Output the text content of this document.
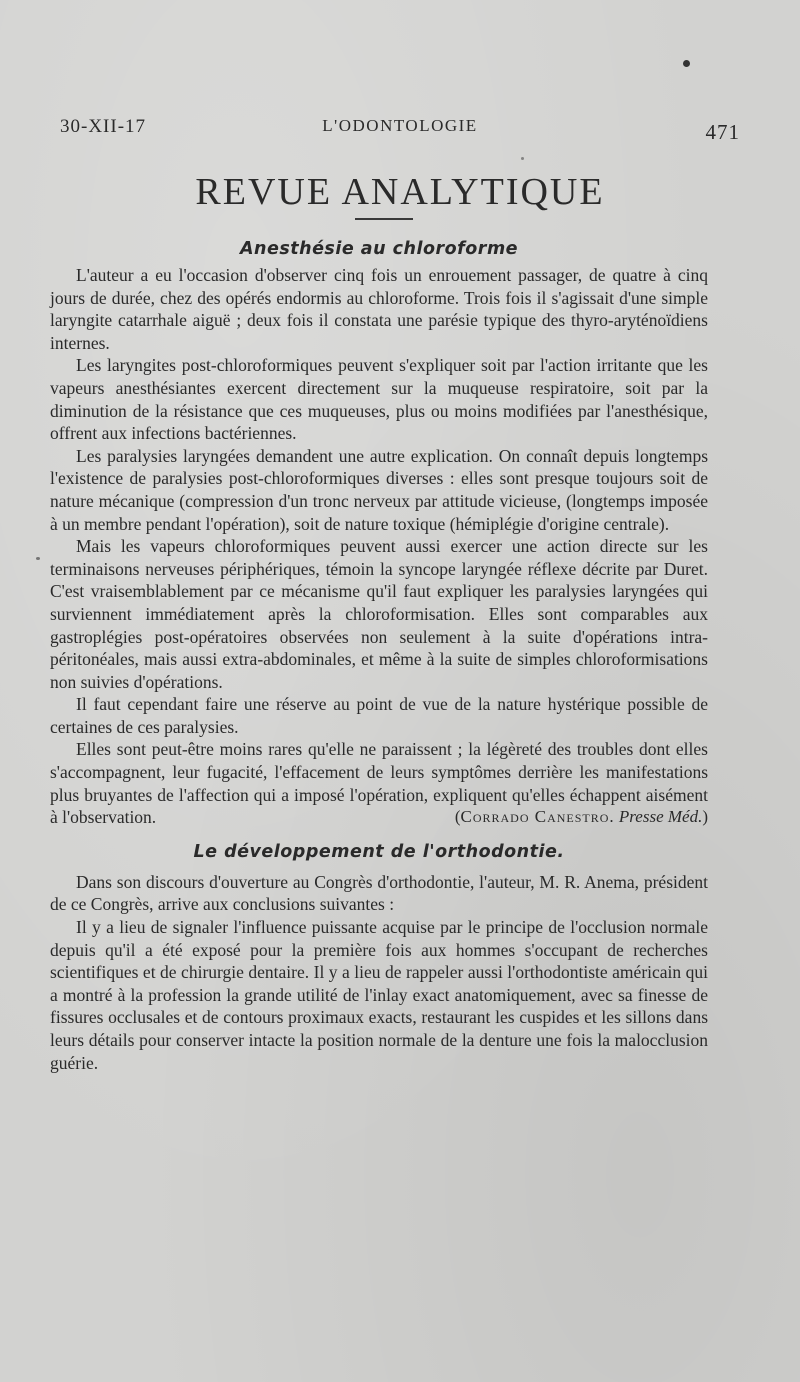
30-XII-17	L'ODONTOLOGIE	471
REVUE ANALYTIQUE
Anesthésie au chloroforme

L'auteur a eu l'occasion d'observer cinq fois un enrouement passager, de quatre à cinq jours de durée, chez des opérés endormis au chloroforme. Trois fois il s'agissait d'une simple laryngite catarrhale aiguë ; deux fois il constata une parésie typique des thyro-aryténoïdiens internes.

Les laryngites post-chloroformiques peuvent s'expliquer soit par l'action irritante que les vapeurs anesthésiantes exercent directement sur la muqueuse respiratoire, soit par la diminution de la résistance que ces muqueuses, plus ou moins modifiées par l'anesthésique, offrent aux infections bactériennes.

Les paralysies laryngées demandent une autre explication. On connaît depuis longtemps l'existence de paralysies post-chloroformiques diverses : elles sont presque toujours soit de nature mécanique (compression d'un tronc nerveux par attitude vicieuse, (longtemps imposée à un membre pendant l'opération), soit de nature toxique (hémiplégie d'origine centrale).

Mais les vapeurs chloroformiques peuvent aussi exercer une action directe sur les terminaisons nerveuses périphériques, témoin la syncope laryngée réflexe décrite par Duret. C'est vraisemblablement par ce mécanisme qu'il faut expliquer les paralysies laryngées qui surviennent immédiatement après la chloroformisation. Elles sont comparables aux gastroplégies post-opératoires observées non seulement à la suite d'opérations intra-péritonéales, mais aussi extra-abdominales, et même à la suite de simples chloroformisations non suivies d'opérations.

Il faut cependant faire une réserve au point de vue de la nature hystérique possible de certaines de ces paralysies.

Elles sont peut-être moins rares qu'elle ne paraissent ; la légèreté des troubles dont elles s'accompagnent, leur fugacité, l'effacement de leurs symptômes derrière les manifestations plus bruyantes de l'affection qui a imposé l'opération, expliquent qu'elles échappent aisément à l'observation.	(Corrado Canestro. Presse Méd.)
Le développement de l'orthodontie.

Dans son discours d'ouverture au Congrès d'orthodontie, l'auteur, M. R. Anema, président de ce Congrès, arrive aux conclusions suivantes :

Il y a lieu de signaler l'influence puissante acquise par le principe de l'occlusion normale depuis qu'il a été exposé pour la première fois aux hommes s'occupant de recherches scientifiques et de chirurgie dentaire. Il y a lieu de rappeler aussi l'orthodontiste américain qui a montré à la profession la grande utilité de l'inlay exact anatomiquement, avec sa finesse de fissures occlusales et de contours proximaux exacts, restaurant les cuspides et les sillons dans leurs détails pour conserver intacte la position normale de la denture une fois la malocclusion guérie.
